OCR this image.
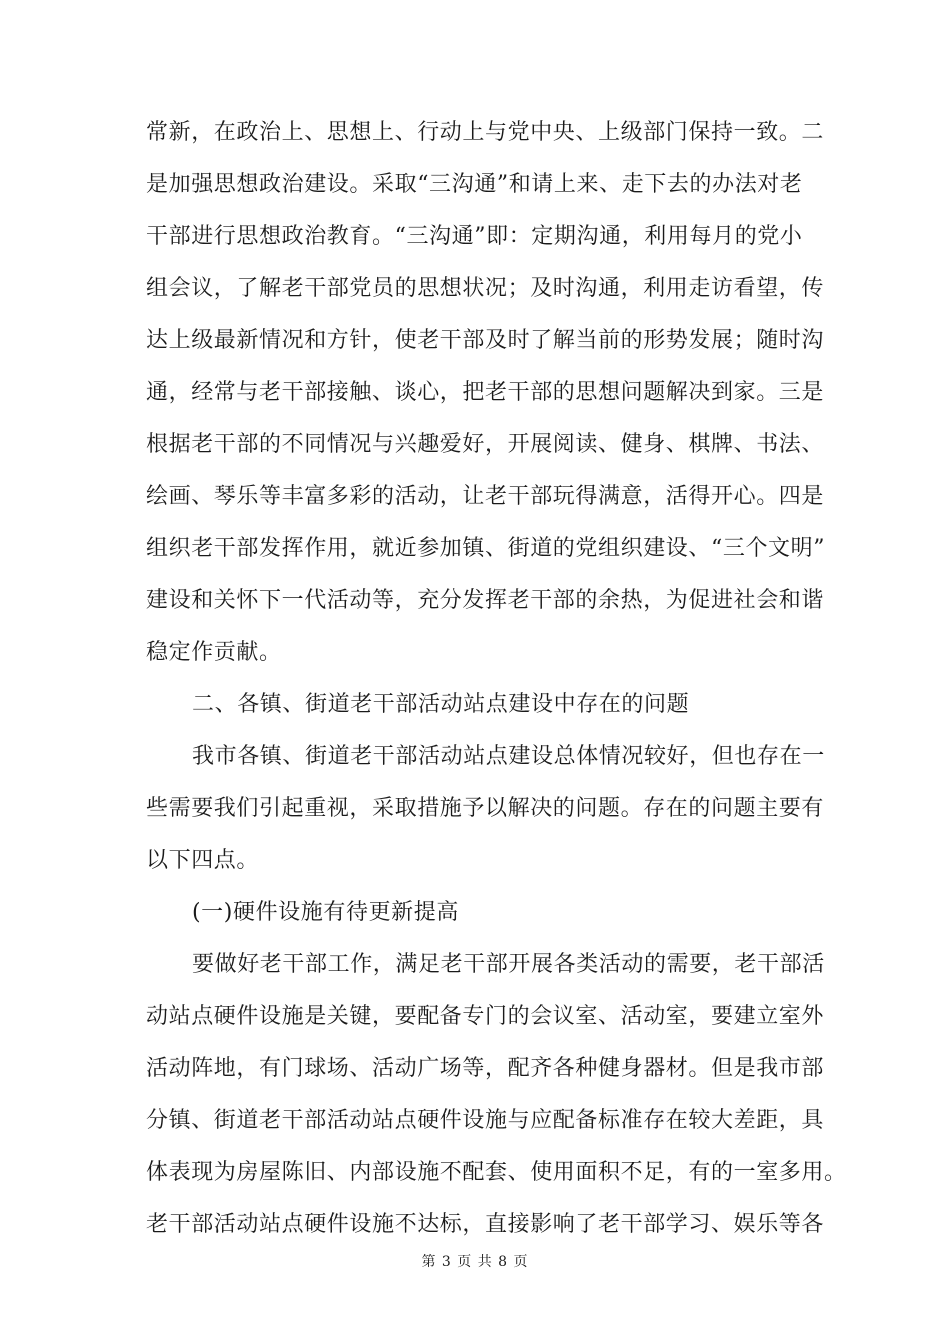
常新，在政治上、思想上、行动上与党中央、上级部门保持一致。二
是加强思想政治建设。采取“三沟通”和请上来、走下去的办法对老
干部进行思想政治教育。“三沟通”即：定期沟通，利用每月的党小
组会议，了解老干部党员的思想状况；及时沟通，利用走访看望，传
达上级最新情况和方针，使老干部及时了解当前的形势发展；随时沟
通，经常与老干部接触、谈心，把老干部的思想问题解决到家。三是
根据老干部的不同情况与兴趣爱好，开展阅读、健身、棋牌、书法、
绘画、琴乐等丰富多彩的活动，让老干部玩得满意，活得开心。四是
组织老干部发挥作用，就近参加镇、街道的党组织建设、“三个文明”
建设和关怀下一代活动等，充分发挥老干部的余热，为促进社会和谐
稳定作贡献。
二、各镇、街道老干部活动站点建设中存在的问题
我市各镇、街道老干部活动站点建设总体情况较好，但也存在一
些需要我们引起重视，采取措施予以解决的问题。存在的问题主要有
以下四点。
(一)硬件设施有待更新提高
要做好老干部工作，满足老干部开展各类活动的需要，老干部活
动站点硬件设施是关键，要配备专门的会议室、活动室，要建立室外
活动阵地，有门球场、活动广场等，配齐各种健身器材。但是我市部
分镇、街道老干部活动站点硬件设施与应配备标准存在较大差距，具
体表现为房屋陈旧、内部设施不配套、使用面积不足，有的一室多用。
老干部活动站点硬件设施不达标，直接影响了老干部学习、娱乐等各
第 3 页 共 8 页
